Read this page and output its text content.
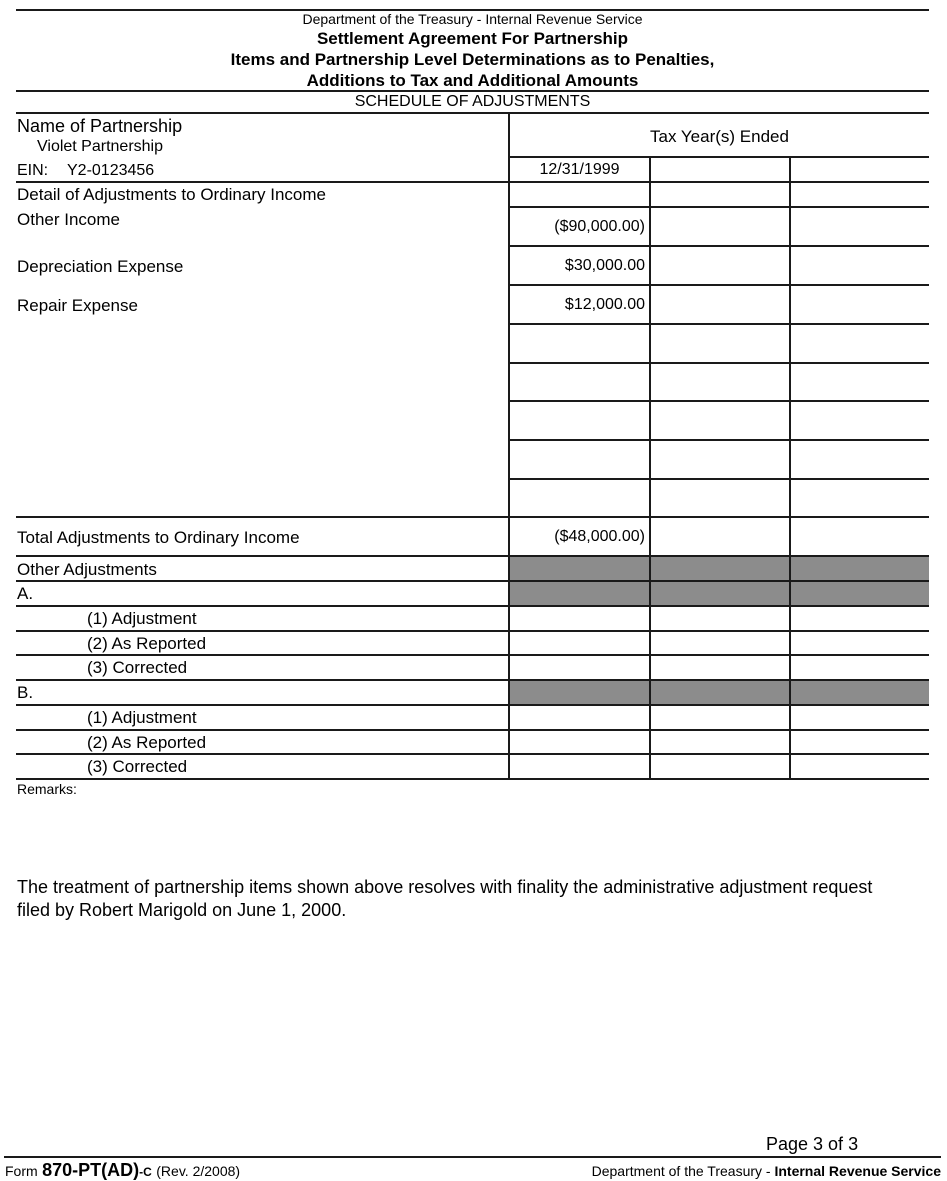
Department of the Treasury - Internal Revenue Service
Settlement Agreement For Partnership
Items and Partnership Level Determinations as to Penalties,
Additions to Tax and Additional Amounts
SCHEDULE OF ADJUSTMENTS
Name of Partnership
Violet Partnership
EIN: Y2-0123456
Tax Year(s) Ended
12/31/1999
Detail of Adjustments to Ordinary Income
Other Income	($90,000.00)
Depreciation Expense	$30,000.00
Repair Expense	$12,000.00
Total Adjustments to Ordinary Income	($48,000.00)
Other Adjustments
A.
(1) Adjustment
(2) As Reported
(3) Corrected
B.
(1) Adjustment
(2) As Reported
(3) Corrected
Remarks:
The treatment of partnership items shown above resolves with finality the administrative adjustment request filed by Robert Marigold on June 1, 2000.
Page 3 of 3
Form 870-PT(AD)-C (Rev. 2/2008)	Department of the Treasury - Internal Revenue Service
